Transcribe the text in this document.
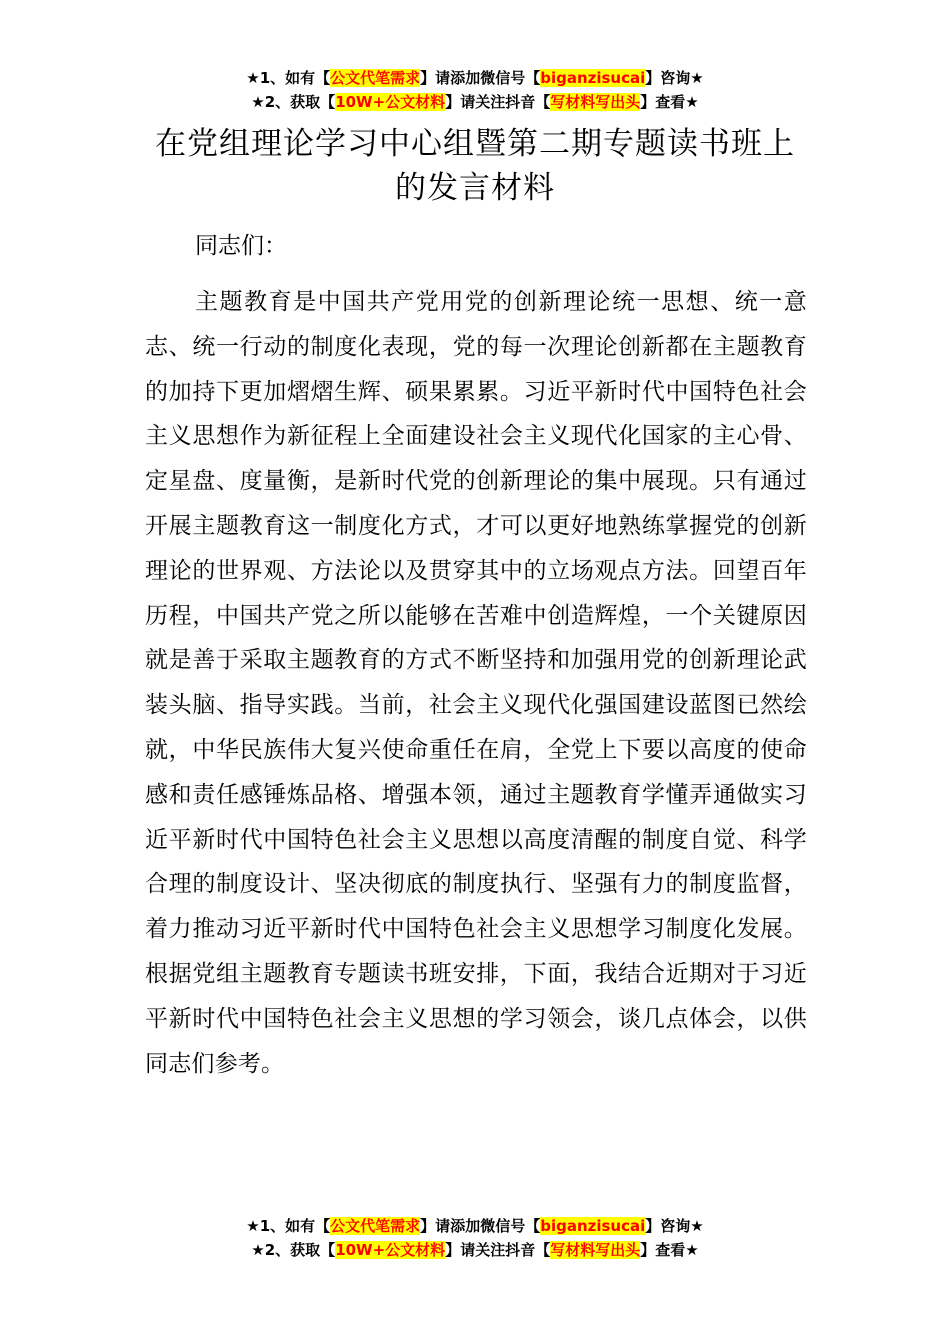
★1、如有【公文代笔需求】请添加微信号【biganzisucai】咨询★
★2、获取【10W+公文材料】请关注抖音【写材料写出头】查看★
在党组理论学习中心组暨第二期专题读书班上的发言材料

同志们：

主题教育是中国共产党用党的创新理论统一思想、统一意志、统一行动的制度化表现，党的每一次理论创新都在主题教育的加持下更加熠熠生辉、硕果累累。习近平新时代中国特色社会主义思想作为新征程上全面建设社会主义现代化国家的主心骨、定星盘、度量衡，是新时代党的创新理论的集中展现。只有通过开展主题教育这一制度化方式，才可以更好地熟练掌握党的创新理论的世界观、方法论以及贯穿其中的立场观点方法。回望百年历程，中国共产党之所以能够在苦难中创造辉煌，一个关键原因就是善于采取主题教育的方式不断坚持和加强用党的创新理论武装头脑、指导实践。当前，社会主义现代化强国建设蓝图已然绘就，中华民族伟大复兴使命重任在肩，全党上下要以高度的使命感和责任感锤炼品格、增强本领，通过主题教育学懂弄通做实习近平新时代中国特色社会主义思想以高度清醒的制度自觉、科学合理的制度设计、坚决彻底的制度执行、坚强有力的制度监督，着力推动习近平新时代中国特色社会主义思想学习制度化发展。根据党组主题教育专题读书班安排，下面，我结合近期对于习近平新时代中国特色社会主义思想的学习领会，谈几点体会，以供同志们参考。

★1、如有【公文代笔需求】请添加微信号【biganzisucai】咨询★
★2、获取【10W+公文材料】请关注抖音【写材料写出头】查看★
